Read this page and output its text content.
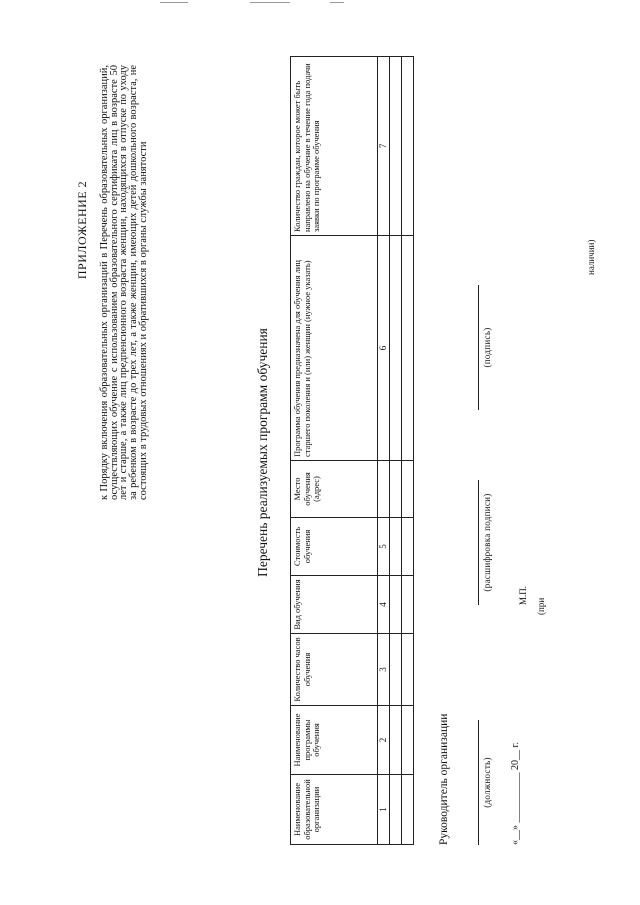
ПРИЛОЖЕНИЕ 2 к Порядку включения образовательных организаций в Перечень образовательных организаций, осуществляющих обучение с использованием образовательного сертификата лиц в возрасте 50 лет и старше, а также лиц предпенсионного возраста женщин, находящихся в отпуске по уходу за ребенком в возрасте до трех лет, а также женщин, имеющих детей дошкольного возраста, не состоящих в трудовых отношениях и обратившихся в органы службы занятости	Перечень реализуемых программ обучения
Наименование образовательной организации	Наименование программы обучения	Количество часов обучения	Вид обучения	Стоимость обучения	Место обучения (адрес)	Программа обучения предназначена для обучения лиц старшего поколения и (или) женщин (нужное указать)	Количество граждан, которое может быть направлено на обучение в течение года подачи заявки по программе обучения
1	2	3	4	5		6	7

Руководитель организации	(должность)
(расшифровка подписи)
(подпись)
«__» __________ 20__ г.
М.П.
(при
наличии)
